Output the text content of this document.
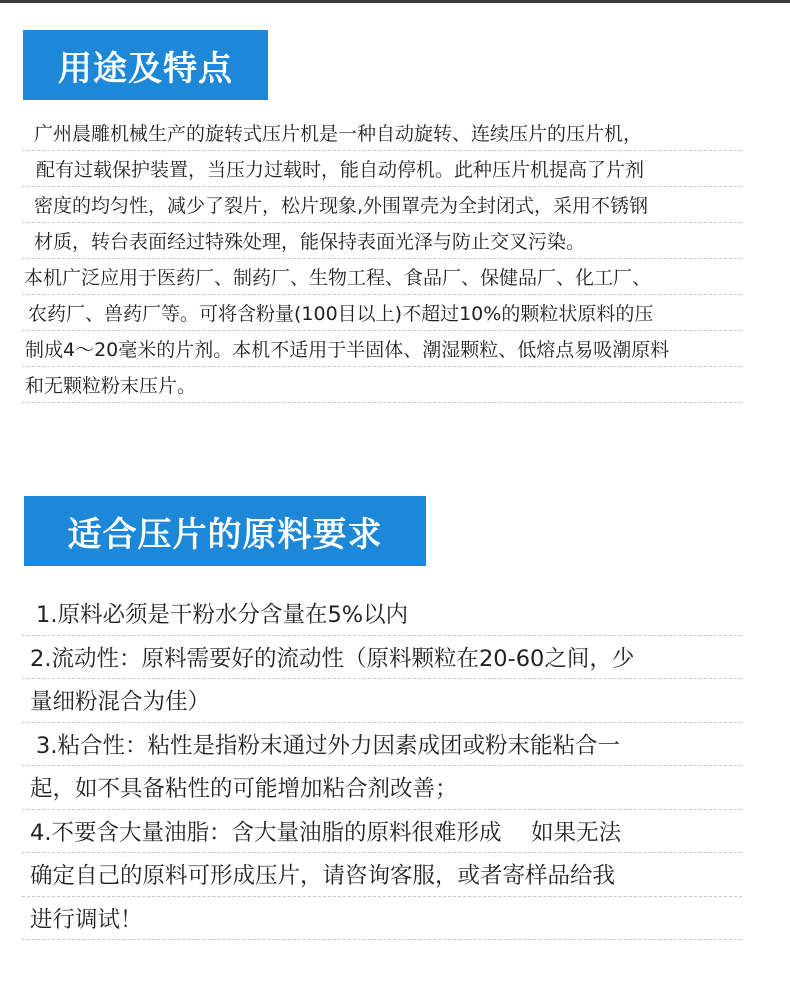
用途及特点
广州晨雕机械生产的旋转式压片机是一种自动旋转、连续压片的压片机，
配有过载保护装置，当压力过载时，能自动停机。此种压片机提高了片剂
密度的均匀性，减少了裂片，松片现象,外围罩壳为全封闭式，采用不锈钢
材质，转台表面经过特殊处理，能保持表面光泽与防止交叉污染。
本机广泛应用于医药厂、制药厂、生物工程、食品厂、保健品厂、化工厂、
农药厂、兽药厂等。可将含粉量(100目以上)不超过10%的颗粒状原料的压
制成4～20毫米的片剂。本机不适用于半固体、潮湿颗粒、低熔点易吸潮原料
和无颗粒粉末压片。
适合压片的原料要求
1.原料必须是干粉水分含量在5%以内
2.流动性：原料需要好的流动性（原料颗粒在20-60之间，少
量细粉混合为佳）
3.粘合性：粘性是指粉末通过外力因素成团或粉末能粘合一
起，如不具备粘性的可能增加粘合剂改善；
4.不要含大量油脂：含大量油脂的原料很难形成　 如果无法
确定自己的原料可形成压片，请咨询客服，或者寄样品给我
进行调试！
